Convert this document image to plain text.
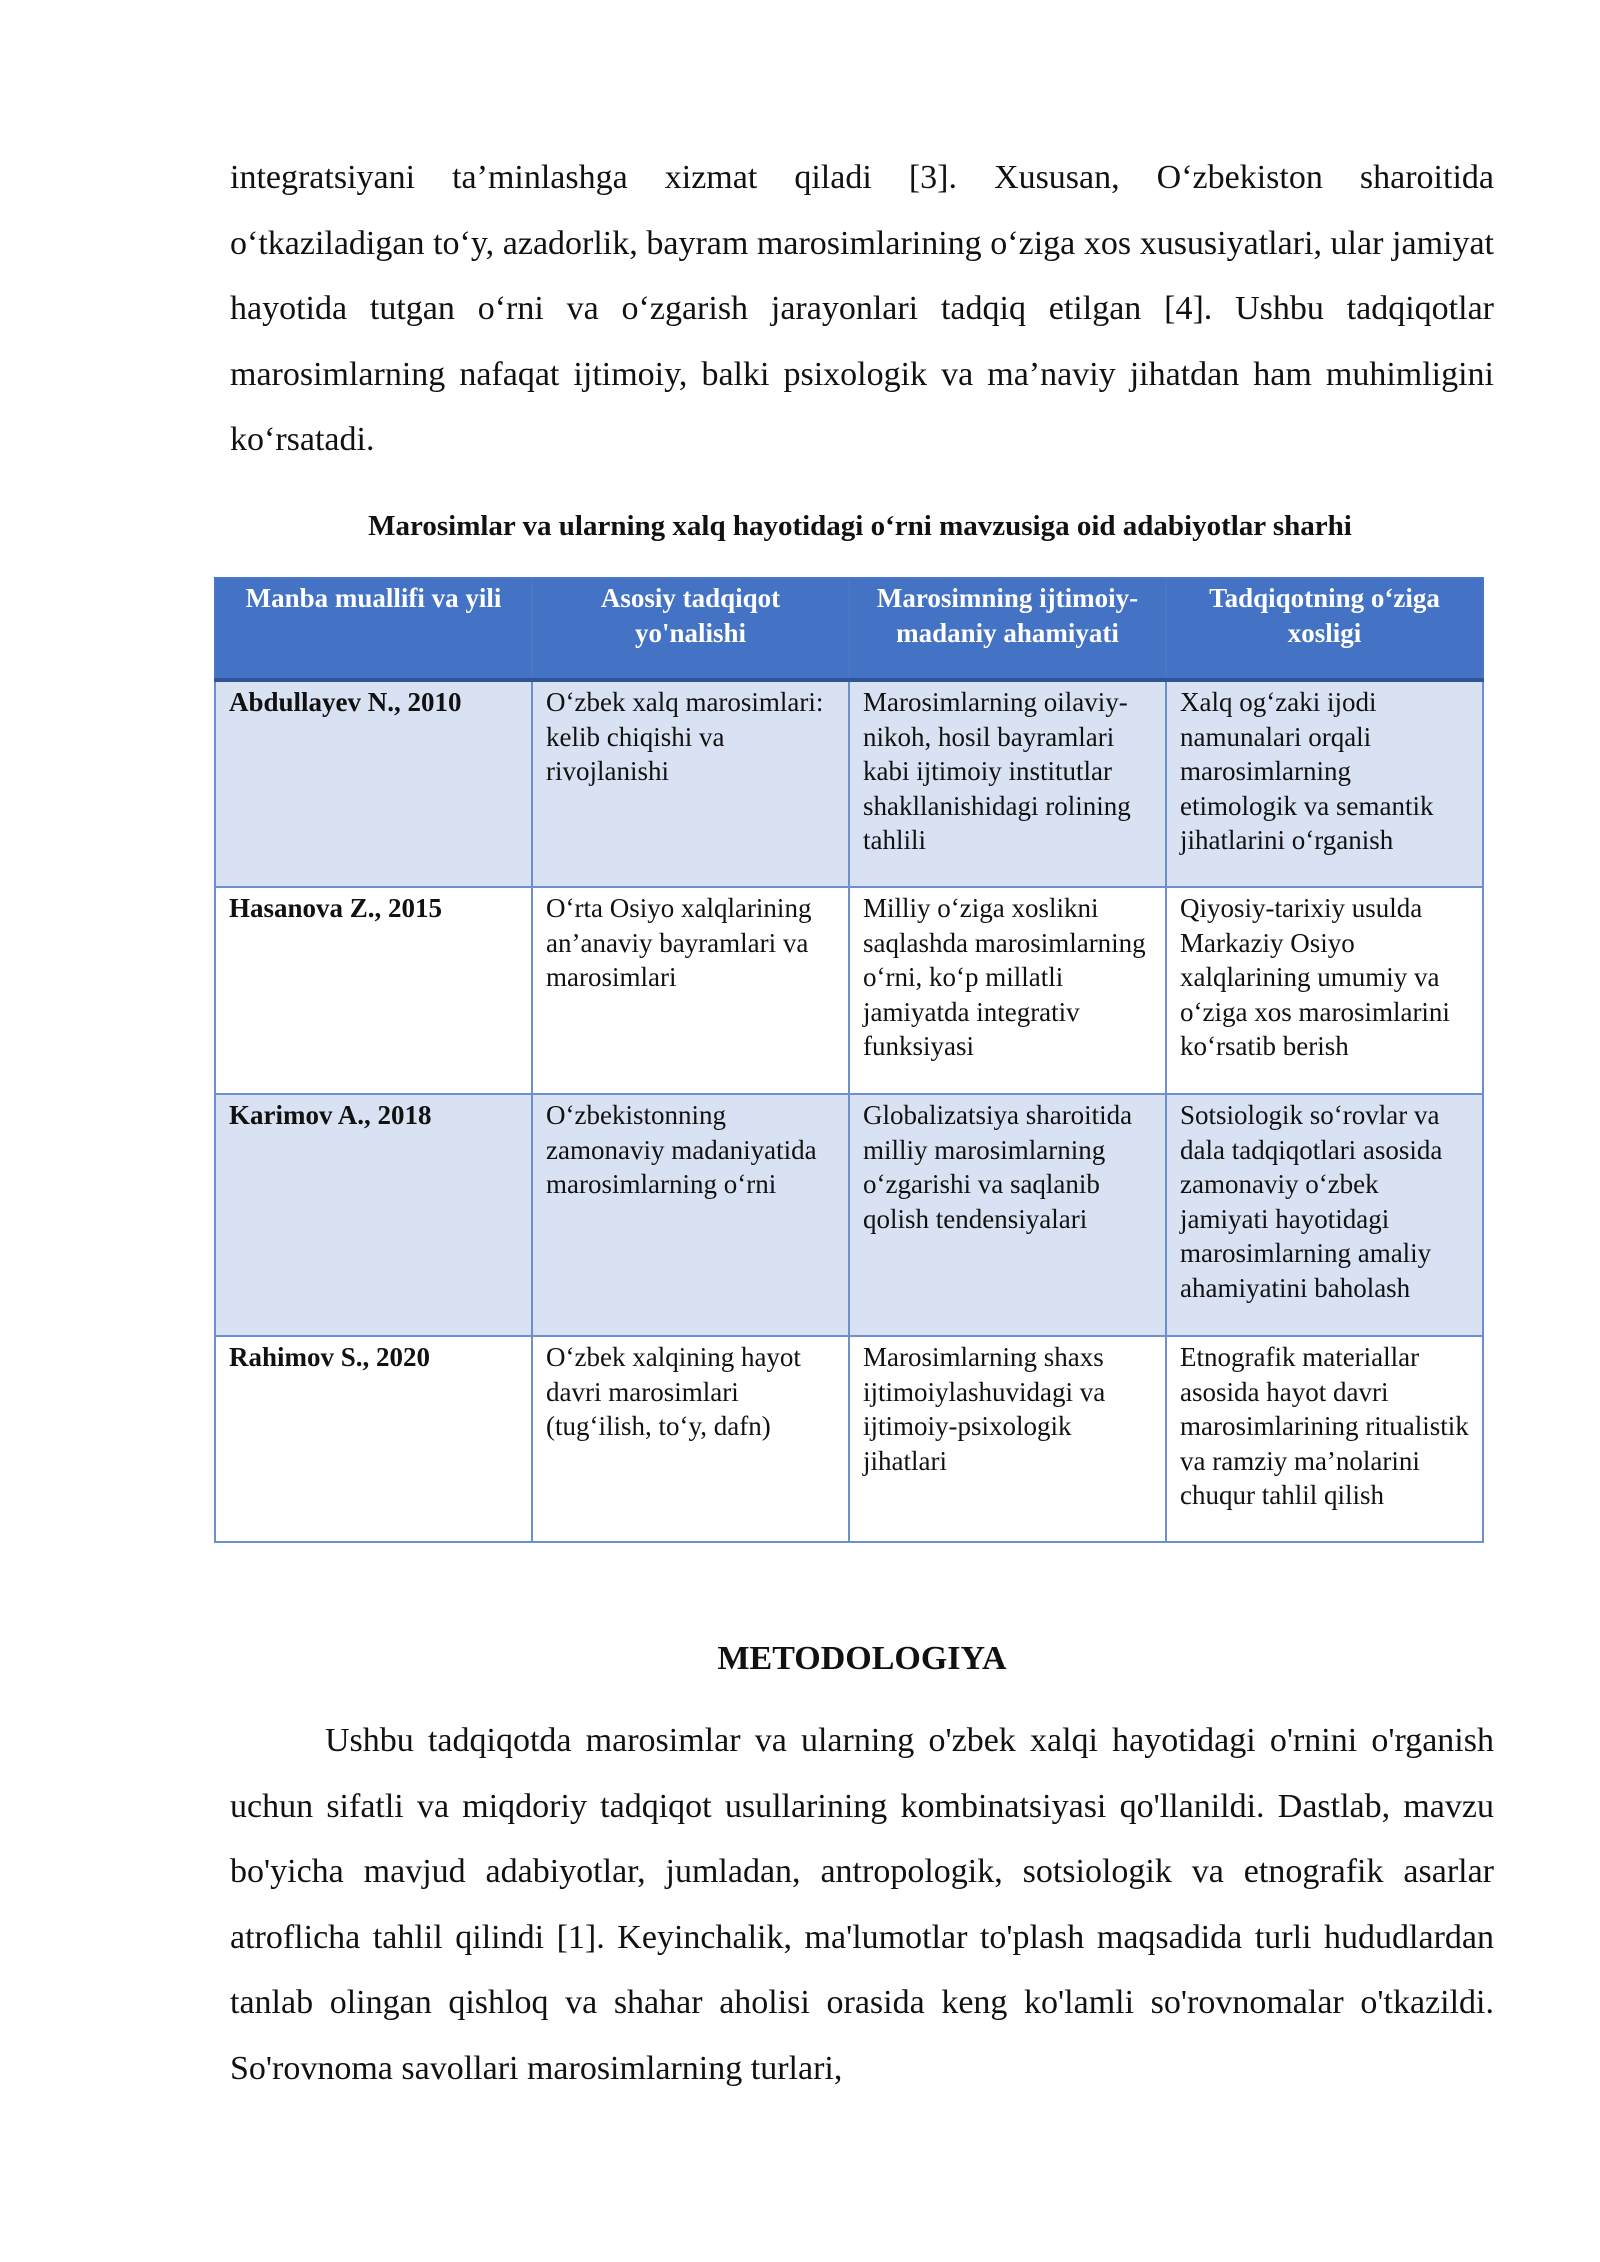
integratsiyani ta’minlashga xizmat qiladi [3]. Xususan, O‘zbekiston sharoitida o‘tkaziladigan to‘y, azadorlik, bayram marosimlarining o‘ziga xos xususiyatlari, ular jamiyat hayotida tutgan o‘rni va o‘zgarish jarayonlari tadqiq etilgan [4]. Ushbu tadqiqotlar marosimlarning nafaqat ijtimoiy, balki psixologik va ma’naviy jihatdan ham muhimligini ko‘rsatadi.

Marosimlar va ularning xalq hayotidagi o‘rni mavzusiga oid adabiyotlar sharhi

Manba muallifi va yili	Asosiy tadqiqot yo'nalishi	Marosimning ijtimoiy-madaniy ahamiyati	Tadqiqotning o‘ziga xosligi
Abdullayev N., 2010	O‘zbek xalq marosimlari: kelib chiqishi va rivojlanishi	Marosimlarning oilaviy-nikoh, hosil bayramlari kabi ijtimoiy institutlar shakllanishidagi rolining tahlili	Xalq og‘zaki ijodi namunalari orqali marosimlarning etimologik va semantik jihatlarini o‘rganish
Hasanova Z., 2015	O‘rta Osiyo xalqlarining an’anaviy bayramlari va marosimlari	Milliy o‘ziga xoslikni saqlashda marosimlarning o‘rni, ko‘p millatli jamiyatda integrativ funksiyasi	Qiyosiy-tarixiy usulda Markaziy Osiyo xalqlarining umumiy va o‘ziga xos marosimlarini ko‘rsatib berish
Karimov A., 2018	O‘zbekistonning zamonaviy madaniyatida marosimlarning o‘rni	Globalizatsiya sharoitida milliy marosimlarning o‘zgarishi va saqlanib qolish tendensiyalari	Sotsiologik so‘rovlar va dala tadqiqotlari asosida zamonaviy o‘zbek jamiyati hayotidagi marosimlarning amaliy ahamiyatini baholash
Rahimov S., 2020	O‘zbek xalqining hayot davri marosimlari (tug‘ilish, to‘y, dafn)	Marosimlarning shaxs ijtimoiylashuvidagi va ijtimoiy-psixologik jihatlari	Etnografik materiallar asosida hayot davri marosimlarining ritualistik va ramziy ma’nolarini chuqur tahlil qilish
METODOLOGIYA

Ushbu tadqiqotda marosimlar va ularning o'zbek xalqi hayotidagi o'rnini o'rganish uchun sifatli va miqdoriy tadqiqot usullarining kombinatsiyasi qo'llanildi. Dastlab, mavzu bo'yicha mavjud adabiyotlar, jumladan, antropologik, sotsiologik va etnografik asarlar atroflicha tahlil qilindi [1]. Keyinchalik, ma'lumotlar to'plash maqsadida turli hududlardan tanlab olingan qishloq va shahar aholisi orasida keng ko'lamli so'rovnomalar o'tkazildi. So'rovnoma savollari marosimlarning turlari,
